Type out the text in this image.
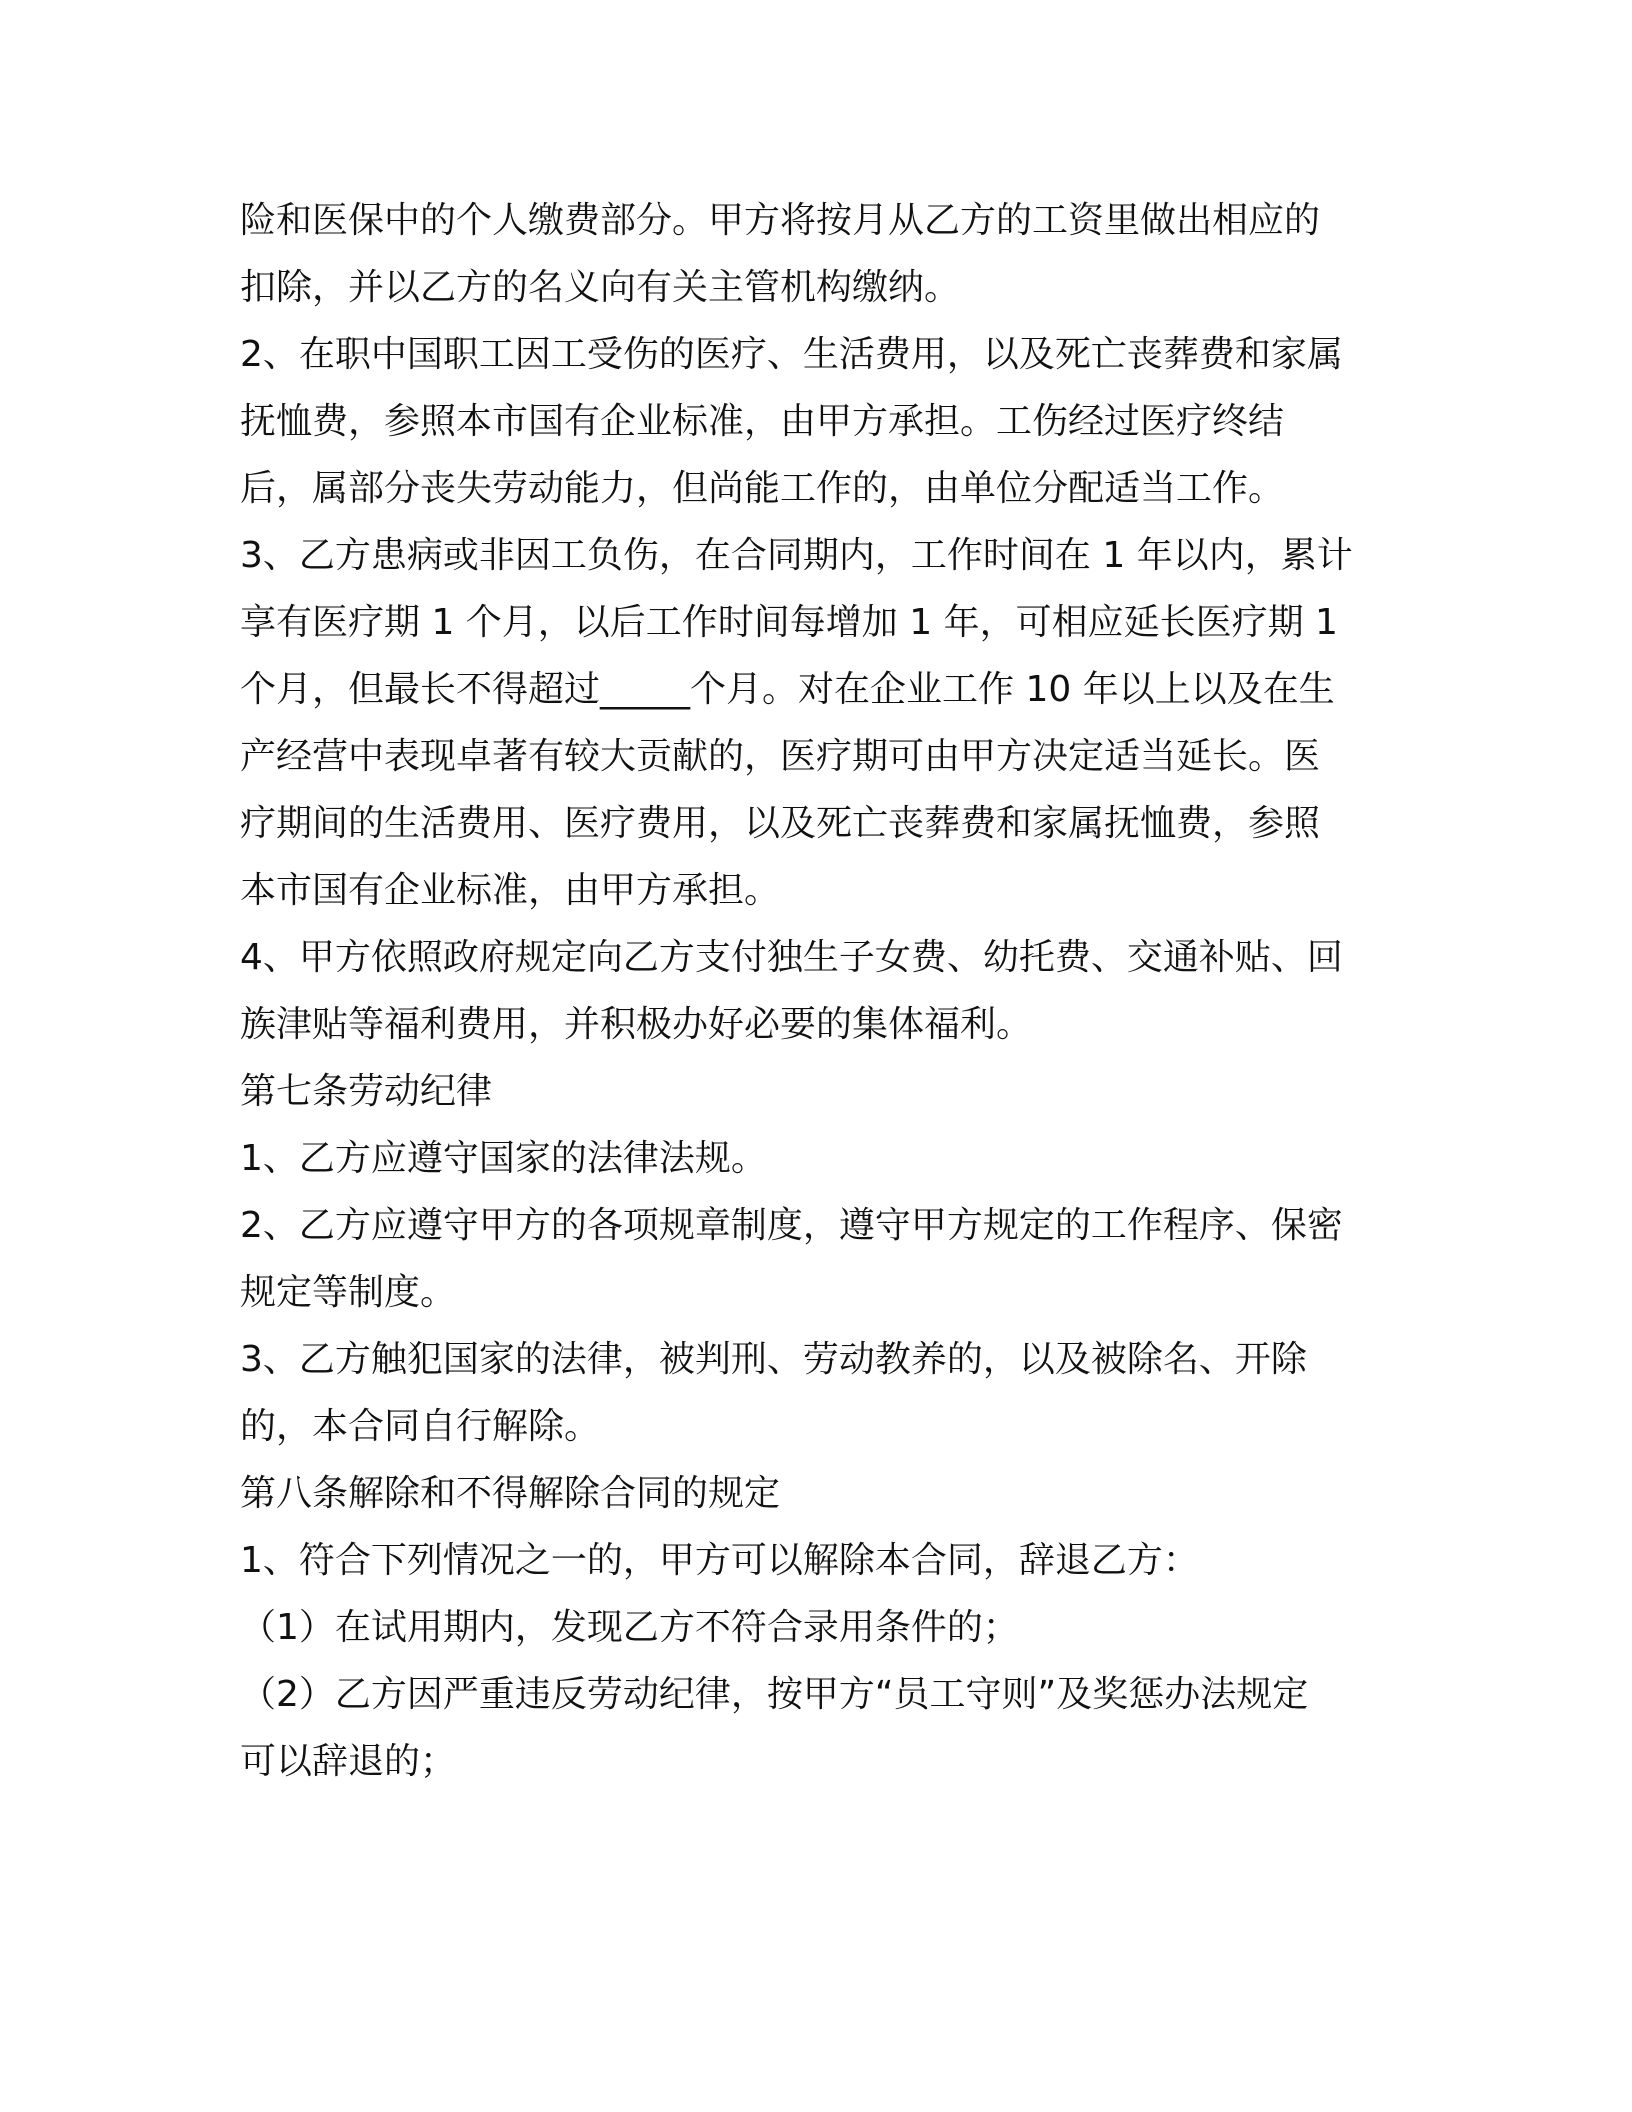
险和医保中的个人缴费部分。甲方将按月从乙方的工资里做出相应的
扣除，并以乙方的名义向有关主管机构缴纳。
2、在职中国职工因工受伤的医疗、生活费用，以及死亡丧葬费和家属
抚恤费，参照本市国有企业标准，由甲方承担。工伤经过医疗终结
后，属部分丧失劳动能力，但尚能工作的，由单位分配适当工作。
3、乙方患病或非因工负伤，在合同期内，工作时间在 1 年以内，累计
享有医疗期 1 个月，以后工作时间每增加 1 年，可相应延长医疗期 1
个月，但最长不得超过_____个月。对在企业工作 10 年以上以及在生
产经营中表现卓著有较大贡献的，医疗期可由甲方决定适当延长。医
疗期间的生活费用、医疗费用，以及死亡丧葬费和家属抚恤费，参照
本市国有企业标准，由甲方承担。
4、甲方依照政府规定向乙方支付独生子女费、幼托费、交通补贴、回
族津贴等福利费用，并积极办好必要的集体福利。
第七条劳动纪律
1、乙方应遵守国家的法律法规。
2、乙方应遵守甲方的各项规章制度，遵守甲方规定的工作程序、保密
规定等制度。
3、乙方触犯国家的法律，被判刑、劳动教养的，以及被除名、开除
的，本合同自行解除。
第八条解除和不得解除合同的规定
1、符合下列情况之一的，甲方可以解除本合同，辞退乙方：
（1）在试用期内，发现乙方不符合录用条件的；
（2）乙方因严重违反劳动纪律，按甲方“员工守则”及奖惩办法规定
可以辞退的；
